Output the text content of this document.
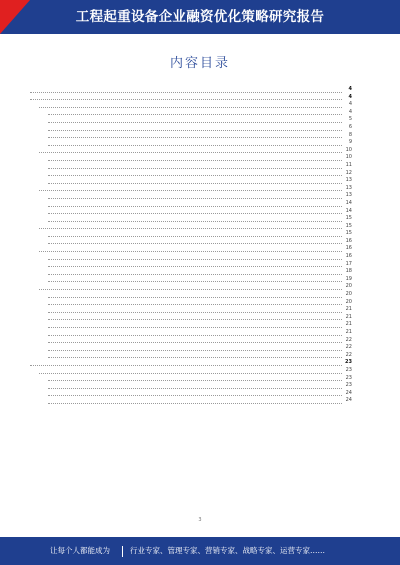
工程起重设备企业融资优化策略研究报告
内容目录
4
4
4
4
5
6
8
9
10
10
11
12
13
13
13
14
14
15
15
15
16
16
16
17
18
19
20
20
20
21
21
21
21
22
22
22
23
23
23
23
24
24
3
让每个人都能成为	行业专家、管理专家、营销专家、战略专家、运营专家……
